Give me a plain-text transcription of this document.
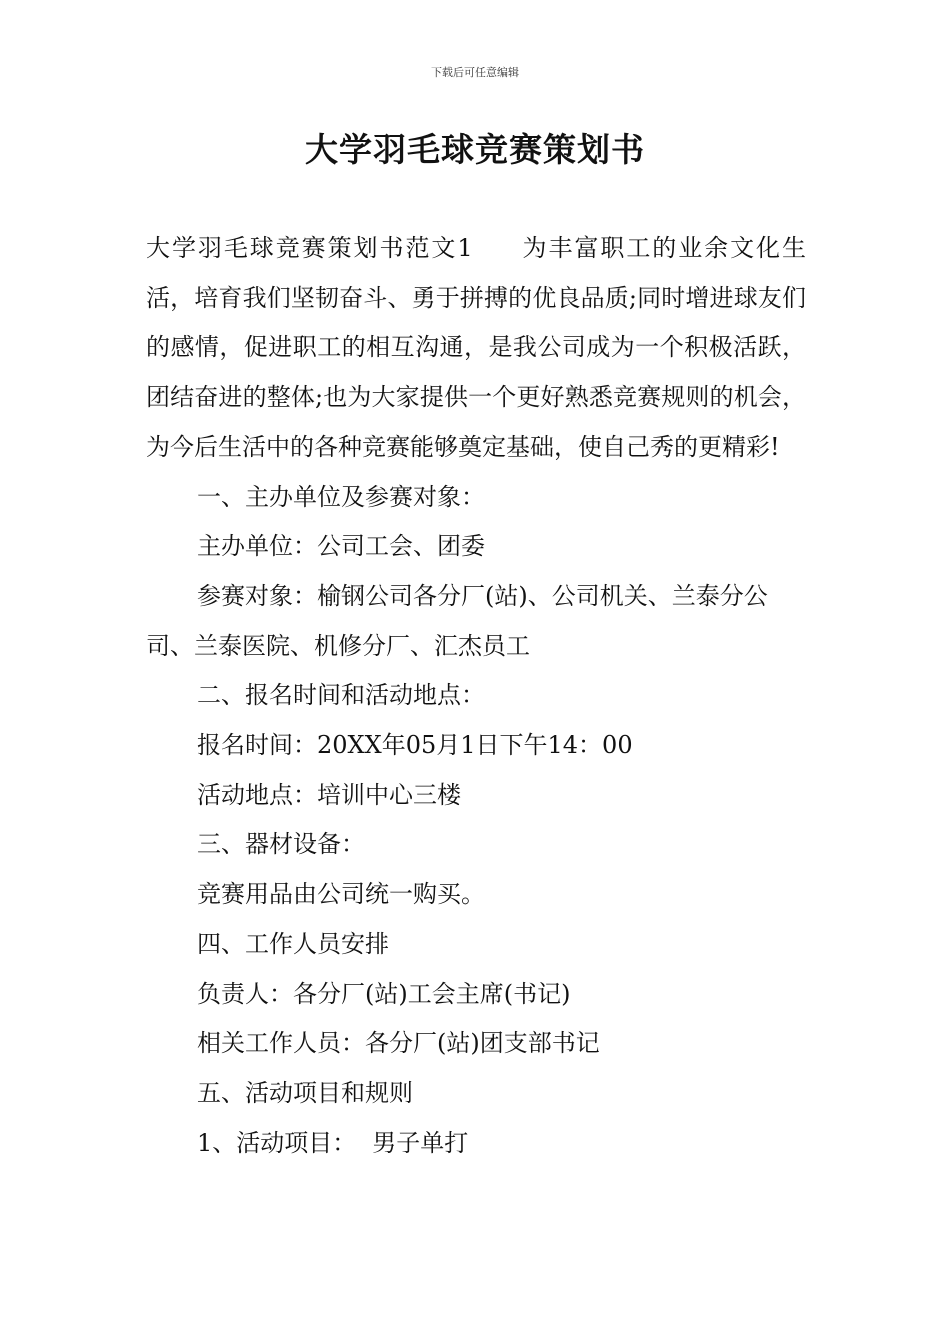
下载后可任意编辑
大学羽毛球竞赛策划书

大学羽毛球竞赛策划书范文1 为丰富职工的业余文化生活，培育我们坚韧奋斗、勇于拼搏的优良品质;同时增进球友们的感情，促进职工的相互沟通，是我公司成为一个积极活跃，团结奋进的整体;也为大家提供一个更好熟悉竞赛规则的机会，为今后生活中的各种竞赛能够奠定基础，使自己秀的更精彩!

一、主办单位及参赛对象：

主办单位：公司工会、团委

参赛对象：榆钢公司各分厂(站)、公司机关、兰泰分公司、兰泰医院、机修分厂、汇杰员工

二、报名时间和活动地点：

报名时间：20XX年05月1日下午14：00

活动地点：培训中心三楼

三、器材设备：

竞赛用品由公司统一购买。

四、工作人员安排

负责人：各分厂(站)工会主席(书记)

相关工作人员：各分厂(站)团支部书记

五、活动项目和规则

1、活动项目： 男子单打
